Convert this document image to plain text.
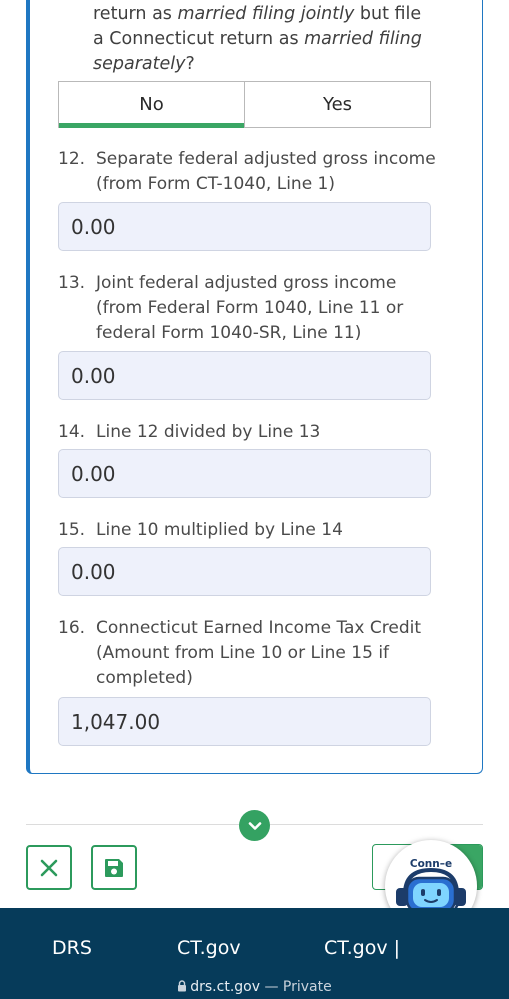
return as married filing jointly but file
a Connecticut return as married filing
separately?
No	Yes
12. Separate federal adjusted gross income (from Form CT-1040, Line 1)
0.00
13. Joint federal adjusted gross income (from Federal Form 1040, Line 11 or federal Form 1040-SR, Line 11)
0.00
14. Line 12 divided by Line 13
0.00
15. Line 10 multiplied by Line 14
0.00
16. Connecticut Earned Income Tax Credit (Amount from Line 10 or Line 15 if completed)
1,047.00
Conn–e
DRS	CT.gov	CT.gov |
drs.ct.gov — Private
